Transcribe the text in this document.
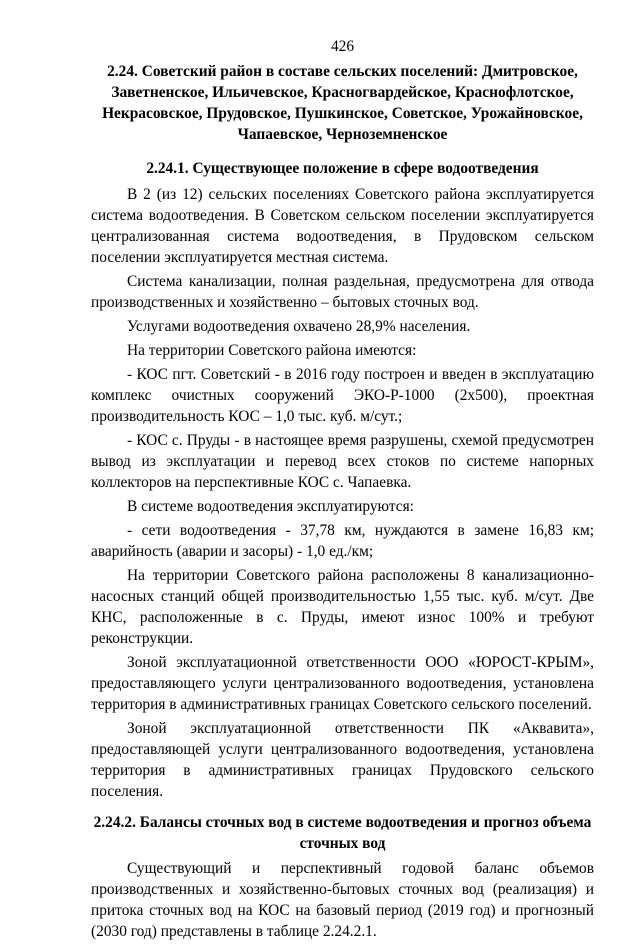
426
2.24. Советский район в составе сельских поселений: Дмитровское, Заветненское, Ильичевское, Красногвардейское, Краснофлотское, Некрасовское, Прудовское, Пушкинское, Советское, Урожайновское, Чапаевское, Черноземненское
2.24.1. Существующее положение в сфере водоотведения

В 2 (из 12) сельских поселениях Советского района эксплуатируется система водоотведения. В Советском сельском поселении эксплуатируется централизованная система водоотведения, в Прудовском сельском поселении эксплуатируется местная система.

Система канализации, полная раздельная, предусмотрена для отвода производственных и хозяйственно – бытовых сточных вод.

Услугами водоотведения охвачено 28,9% населения.

На территории Советского района имеются:

- КОС пгт. Советский - в 2016 году построен и введен в эксплуатацию комплекс очистных сооружений ЭКО-Р-1000 (2х500), проектная производительность КОС – 1,0 тыс. куб. м/сут.;

- КОС с. Пруды - в настоящее время разрушены, схемой предусмотрен вывод из эксплуатации и перевод всех стоков по системе напорных коллекторов на перспективные КОС с. Чапаевка.

В системе водоотведения эксплуатируются:

- сети водоотведения - 37,78 км, нуждаются в замене 16,83 км; аварийность (аварии и засоры) - 1,0 ед./км;

На территории Советского района расположены 8 канализационно-насосных станций общей производительностью 1,55 тыс. куб. м/сут. Две КНС, расположенные в с. Пруды, имеют износ 100% и требуют реконструкции.

Зоной эксплуатационной ответственности ООО «ЮРОСТ-КРЫМ», предоставляющего услуги централизованного водоотведения, установлена территория в административных границах Советского сельского поселений.

Зоной эксплуатационной ответственности ПК «Аквавита», предоставляющей услуги централизованного водоотведения, установлена территория в административных границах Прудовского сельского поселения.

2.24.2. Балансы сточных вод в системе водоотведения и прогноз объема сточных вод

Существующий и перспективный годовой баланс объемов производственных и хозяйственно-бытовых сточных вод (реализация) и притока сточных вод на КОС на базовый период (2019 год) и прогнозный (2030 год) представлены в таблице 2.24.2.1.
